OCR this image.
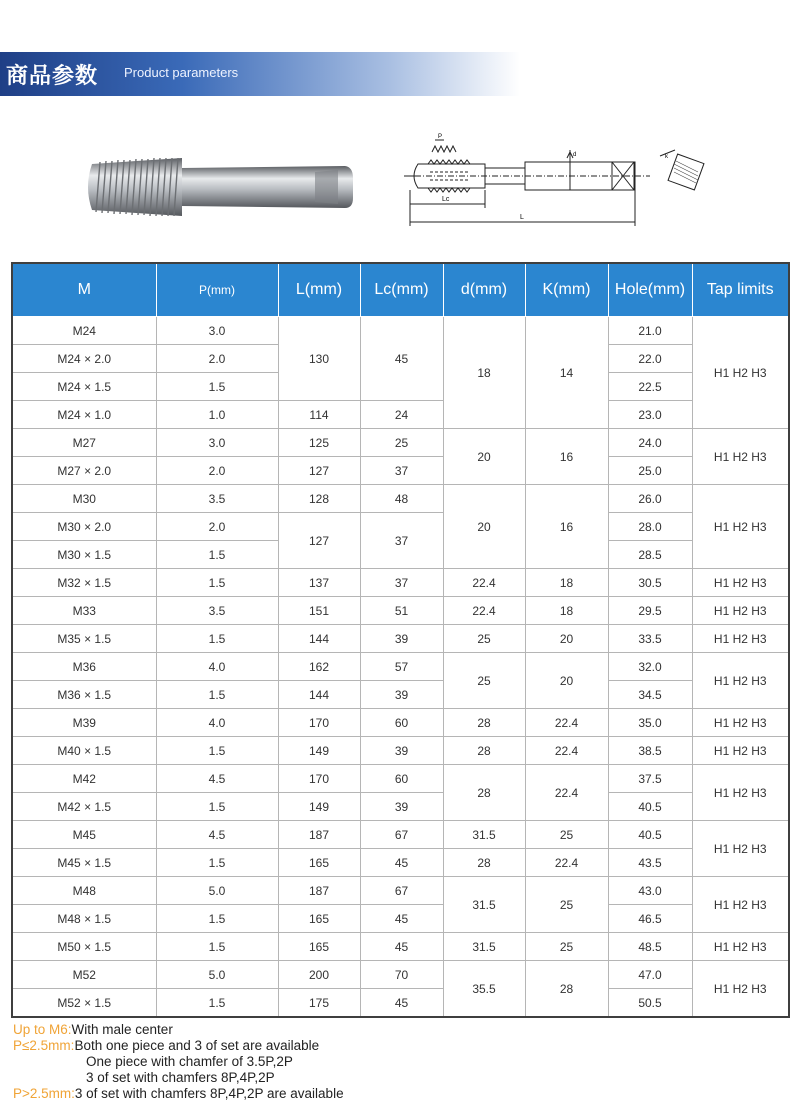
商品参数 Product parameters
P
d	k
Lc
L
M	P(mm)	L(mm)	Lc(mm)	d(mm)	K(mm)	Hole(mm)	Tap limits
M24	3.0	130	45	18	14	21.0	H1 H2 H3
M24 × 2.0	2.0					22.0	
M24 × 1.5	1.5					22.5	
M24 × 1.0	1.0	114	24			23.0	
M27	3.0	125	25	20	16	24.0	H1 H2 H3
M27 × 2.0	2.0	127	37			25.0	
M30	3.5	128	48	20	16	26.0	H1 H2 H3
M30 × 2.0	2.0	127	37			28.0	
M30 × 1.5	1.5					28.5	
M32 × 1.5	1.5	137	37	22.4	18	30.5	H1 H2 H3
M33	3.5	151	51	22.4	18	29.5	H1 H2 H3
M35 × 1.5	1.5	144	39	25	20	33.5	H1 H2 H3
M36	4.0	162	57	25	20	32.0	H1 H2 H3
M36 × 1.5	1.5	144	39			34.5	
M39	4.0	170	60	28	22.4	35.0	H1 H2 H3
M40 × 1.5	1.5	149	39	28	22.4	38.5	H1 H2 H3
M42	4.5	170	60	28	22.4	37.5	H1 H2 H3
M42 × 1.5	1.5	149	39			40.5	
M45	4.5	187	67	31.5	25	40.5	H1 H2 H3
M45 × 1.5	1.5	165	45	28	22.4	43.5	
M48	5.0	187	67	31.5	25	43.0	H1 H2 H3
M48 × 1.5	1.5	165	45			46.5	
M50 × 1.5	1.5	165	45	31.5	25	48.5	H1 H2 H3
M52	5.0	200	70	35.5	28	47.0	H1 H2 H3
M52 × 1.5	1.5	175	45			50.5	
Up to M6:With male center
P≤2.5mm:Both one piece and 3 of set are available
One piece with chamfer of 3.5P,2P
3 of set with chamfers 8P,4P,2P
P>2.5mm:3 of set with chamfers 8P,4P,2P are available
